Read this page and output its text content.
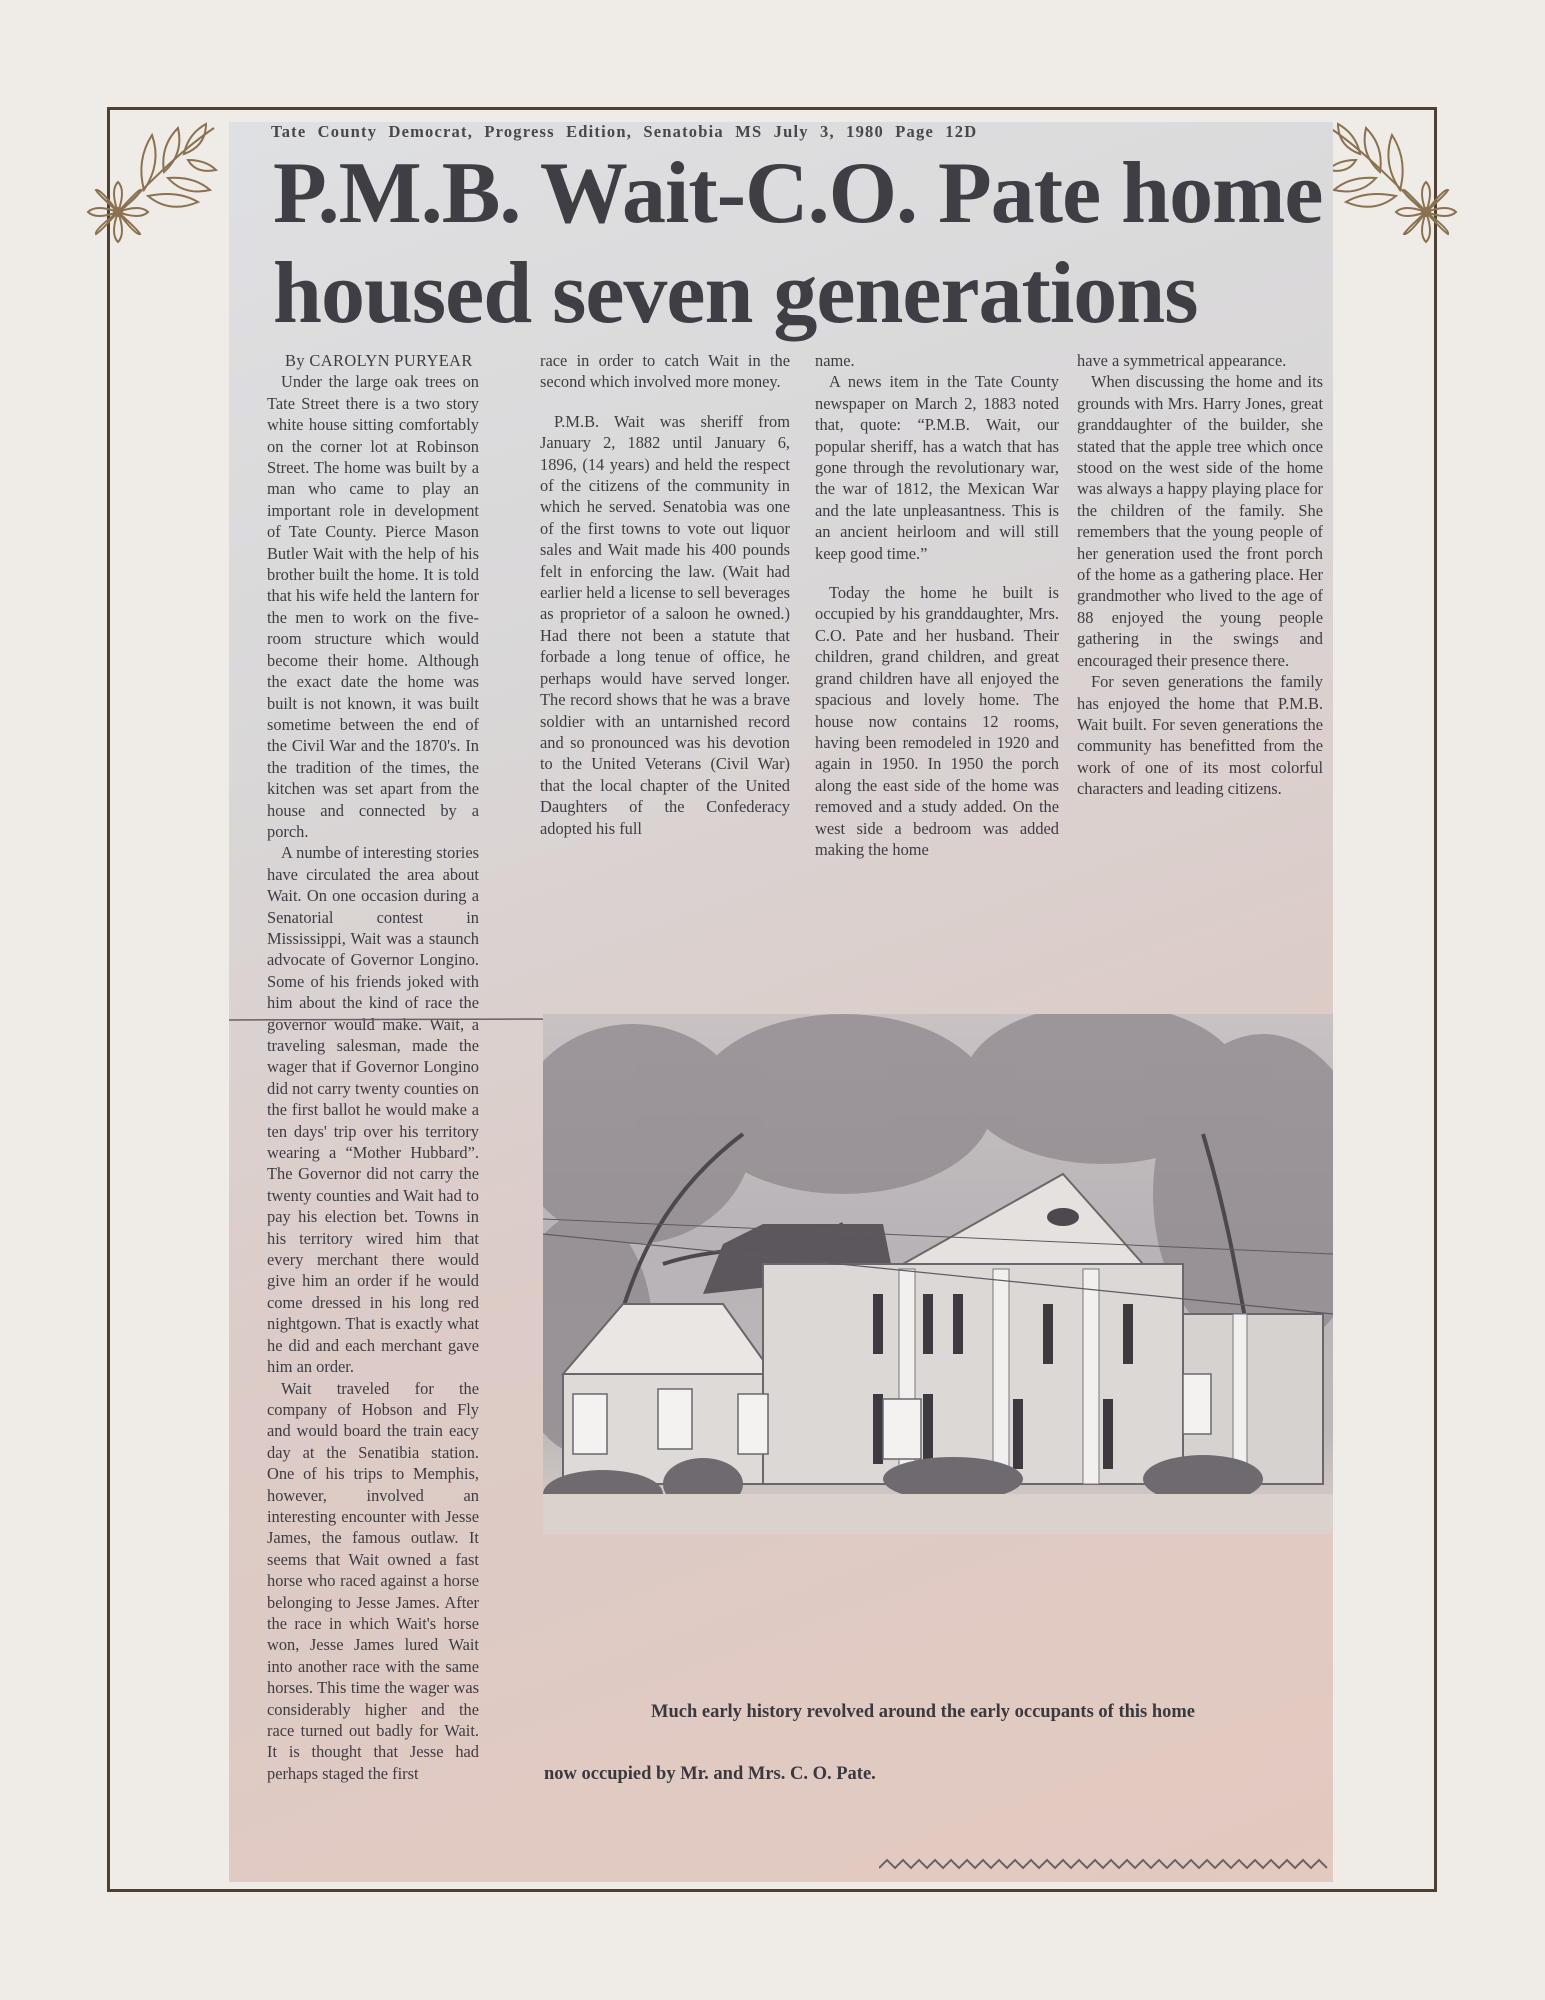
Tate County Democrat, Progress Edition, Senatobia MS July 3, 1980 Page 12D
P.M.B. Wait-C.O. Pate home
housed seven generations
By CAROLYN PURYEAR

Under the large oak trees on Tate Street there is a two story white house sitting comfortably on the corner lot at Robinson Street. The home was built by a man who came to play an important role in development of Tate County. Pierce Mason Butler Wait with the help of his brother built the home. It is told that his wife held the lantern for the men to work on the five-room structure which would become their home. Although the exact date the home was built is not known, it was built sometime between the end of the Civil War and the 1870's. In the tradition of the times, the kitchen was set apart from the house and connected by a porch.

A numbe of interesting stories have circulated the area about Wait. On one occasion during a Senatorial contest in Mississippi, Wait was a staunch advocate of Governor Longino. Some of his friends joked with him about the kind of race the governor would make. Wait, a traveling salesman, made the wager that if Governor Longino did not carry twenty counties on the first ballot he would make a ten days' trip over his territory wearing a “Mother Hubbard”. The Governor did not carry the twenty counties and Wait had to pay his election bet. Towns in his territory wired him that every merchant there would give him an order if he would come dressed in his long red nightgown. That is exactly what he did and each merchant gave him an order.

Wait traveled for the company of Hobson and Fly and would board the train eacy day at the Senatibia station. One of his trips to Memphis, however, involved an interesting encounter with Jesse James, the famous outlaw. It seems that Wait owned a fast horse who raced against a horse belonging to Jesse James. After the race in which Wait's horse won, Jesse James lured Wait into another race with the same horses. This time the wager was considerably higher and the race turned out badly for Wait. It is thought that Jesse had perhaps staged the first

race in order to catch Wait in the second which involved more money.

P.M.B. Wait was sheriff from January 2, 1882 until January 6, 1896, (14 years) and held the respect of the citizens of the community in which he served. Senatobia was one of the first towns to vote out liquor sales and Wait made his 400 pounds felt in enforcing the law. (Wait had earlier held a license to sell beverages as proprietor of a saloon he owned.) Had there not been a statute that forbade a long tenue of office, he perhaps would have served longer. The record shows that he was a brave soldier with an untarnished record and so pronounced was his devotion to the United Veterans (Civil War) that the local chapter of the United Daughters of the Confederacy adopted his full

name.

A news item in the Tate County newspaper on March 2, 1883 noted that, quote: “P.M.B. Wait, our popular sheriff, has a watch that has gone through the revolutionary war, the war of 1812, the Mexican War and the late unpleasantness. This is an ancient heirloom and will still keep good time.”

Today the home he built is occupied by his granddaughter, Mrs. C.O. Pate and her husband. Their children, grand children, and great grand children have all enjoyed the spacious and lovely home. The house now contains 12 rooms, having been remodeled in 1920 and again in 1950. In 1950 the porch along the east side of the home was removed and a study added. On the west side a bedroom was added making the home

have a symmetrical appearance.

When discussing the home and its grounds with Mrs. Harry Jones, great granddaughter of the builder, she stated that the apple tree which once stood on the west side of the home was always a happy playing place for the children of the family. She remembers that the young people of her generation used the front porch of the home as a gathering place. Her grandmother who lived to the age of 88 enjoyed the young people gathering in the swings and encouraged their presence there.

For seven generations the family has enjoyed the home that P.M.B. Wait built. For seven generations the community has benefitted from the work of one of its most colorful characters and leading citizens.

Much early history revolved around the early occupants of this home
now occupied by Mr. and Mrs. C. O. Pate.
